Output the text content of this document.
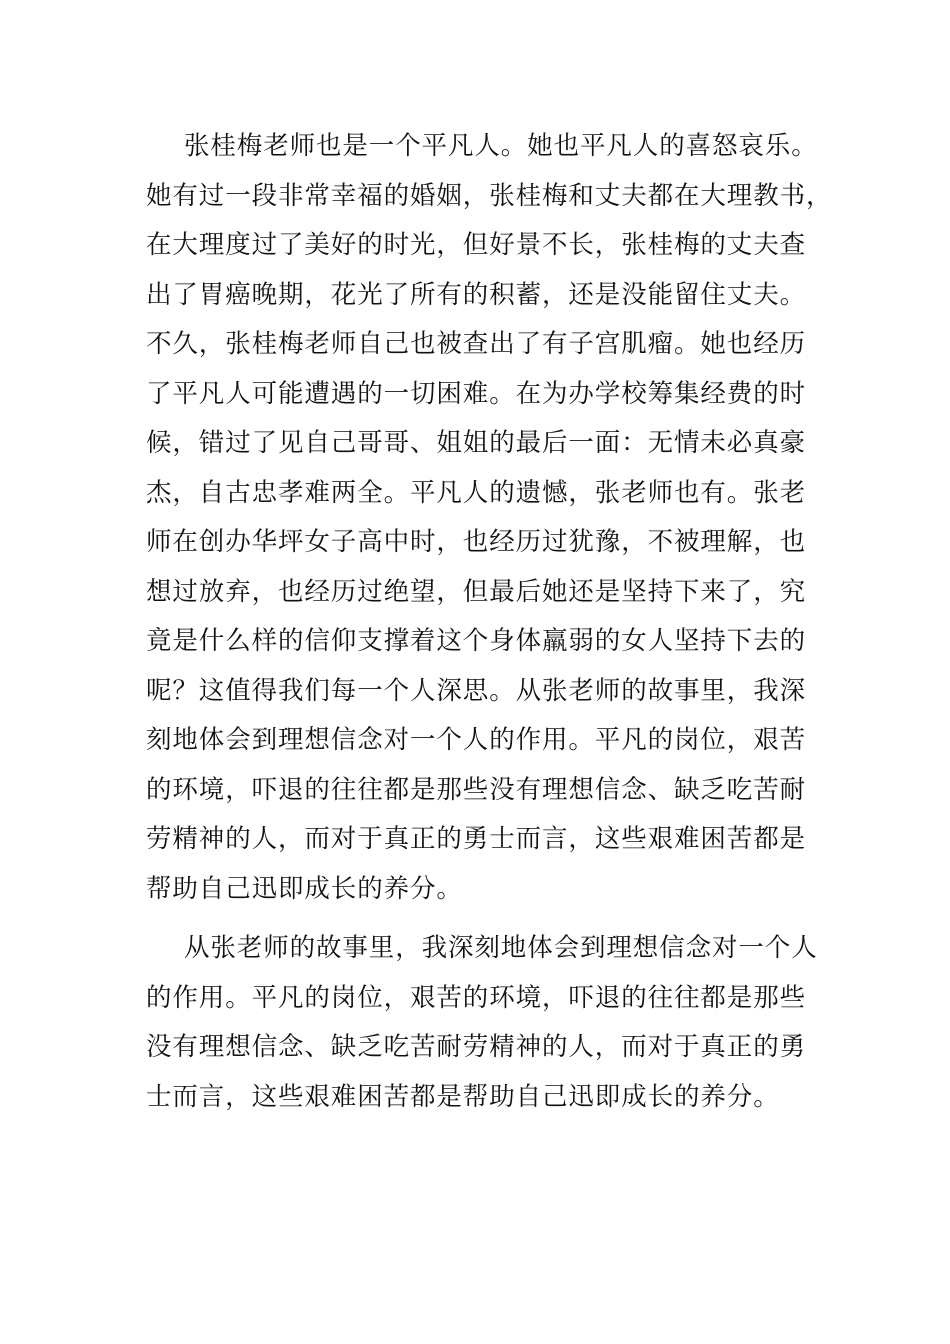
张桂梅老师也是一个平凡人。她也平凡人的喜怒哀乐。
她有过一段非常幸福的婚姻，张桂梅和丈夫都在大理教书，
在大理度过了美好的时光，但好景不长，张桂梅的丈夫查
出了胃癌晚期，花光了所有的积蓄，还是没能留住丈夫。
不久，张桂梅老师自己也被查出了有子宫肌瘤。她也经历
了平凡人可能遭遇的一切困难。在为办学校筹集经费的时
候，错过了见自己哥哥、姐姐的最后一面：无情未必真豪
杰，自古忠孝难两全。平凡人的遗憾，张老师也有。张老
师在创办华坪女子高中时，也经历过犹豫，不被理解，也
想过放弃，也经历过绝望，但最后她还是坚持下来了，究
竟是什么样的信仰支撑着这个身体羸弱的女人坚持下去的
呢？这值得我们每一个人深思。从张老师的故事里，我深
刻地体会到理想信念对一个人的作用。平凡的岗位，艰苦
的环境，吓退的往往都是那些没有理想信念、缺乏吃苦耐
劳精神的人，而对于真正的勇士而言，这些艰难困苦都是
帮助自己迅即成长的养分。
从张老师的故事里，我深刻地体会到理想信念对一个人
的作用。平凡的岗位，艰苦的环境，吓退的往往都是那些
没有理想信念、缺乏吃苦耐劳精神的人，而对于真正的勇
士而言，这些艰难困苦都是帮助自己迅即成长的养分。
